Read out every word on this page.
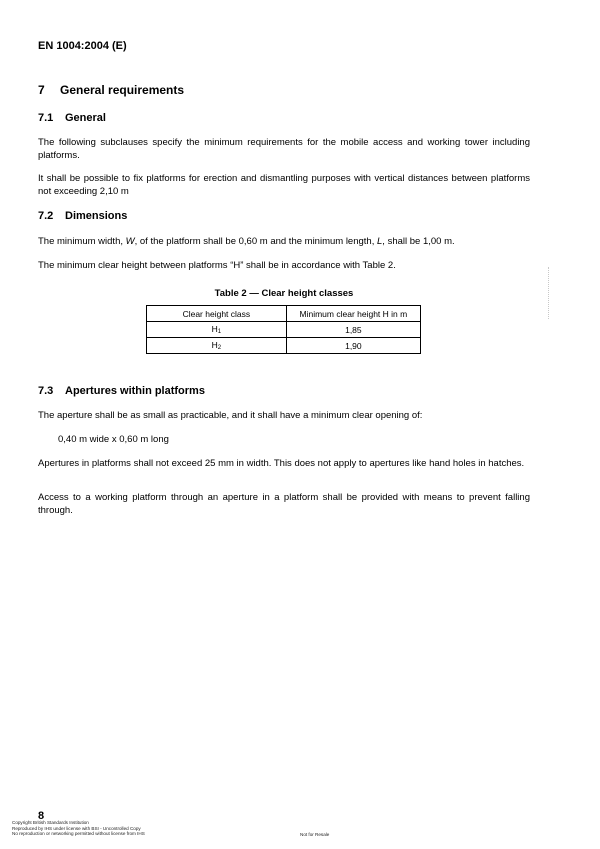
EN 1004:2004 (E)
7 General requirements
7.1 General
The following subclauses specify the minimum requirements for the mobile access and working tower including platforms.
It shall be possible to fix platforms for erection and dismantling purposes with vertical distances between platforms not exceeding 2,10 m
7.2 Dimensions
The minimum width, W, of the platform shall be 0,60 m and the minimum length, L, shall be 1,00 m.
The minimum clear height between platforms “H” shall be in accordance with Table 2.
Table 2 — Clear height classes
Clear height class	Minimum clear height H in m
$H_1$	1,85
$H_2$	1,90
7.3 Apertures within platforms
The aperture shall be as small as practicable, and it shall have a minimum clear opening of:
0,40 m wide x 0,60 m long
Apertures in platforms shall not exceed 25 mm in width. This does not apply to apertures like hand holes in hatches.
Access to a working platform through an aperture in a platform shall be provided with means to prevent falling through.
8
Copyright British Standards Institution
Reproduced by IHS under license with BSI - Uncontrolled Copy
No reproduction or networking permitted without license from IHS	Not for Resale
